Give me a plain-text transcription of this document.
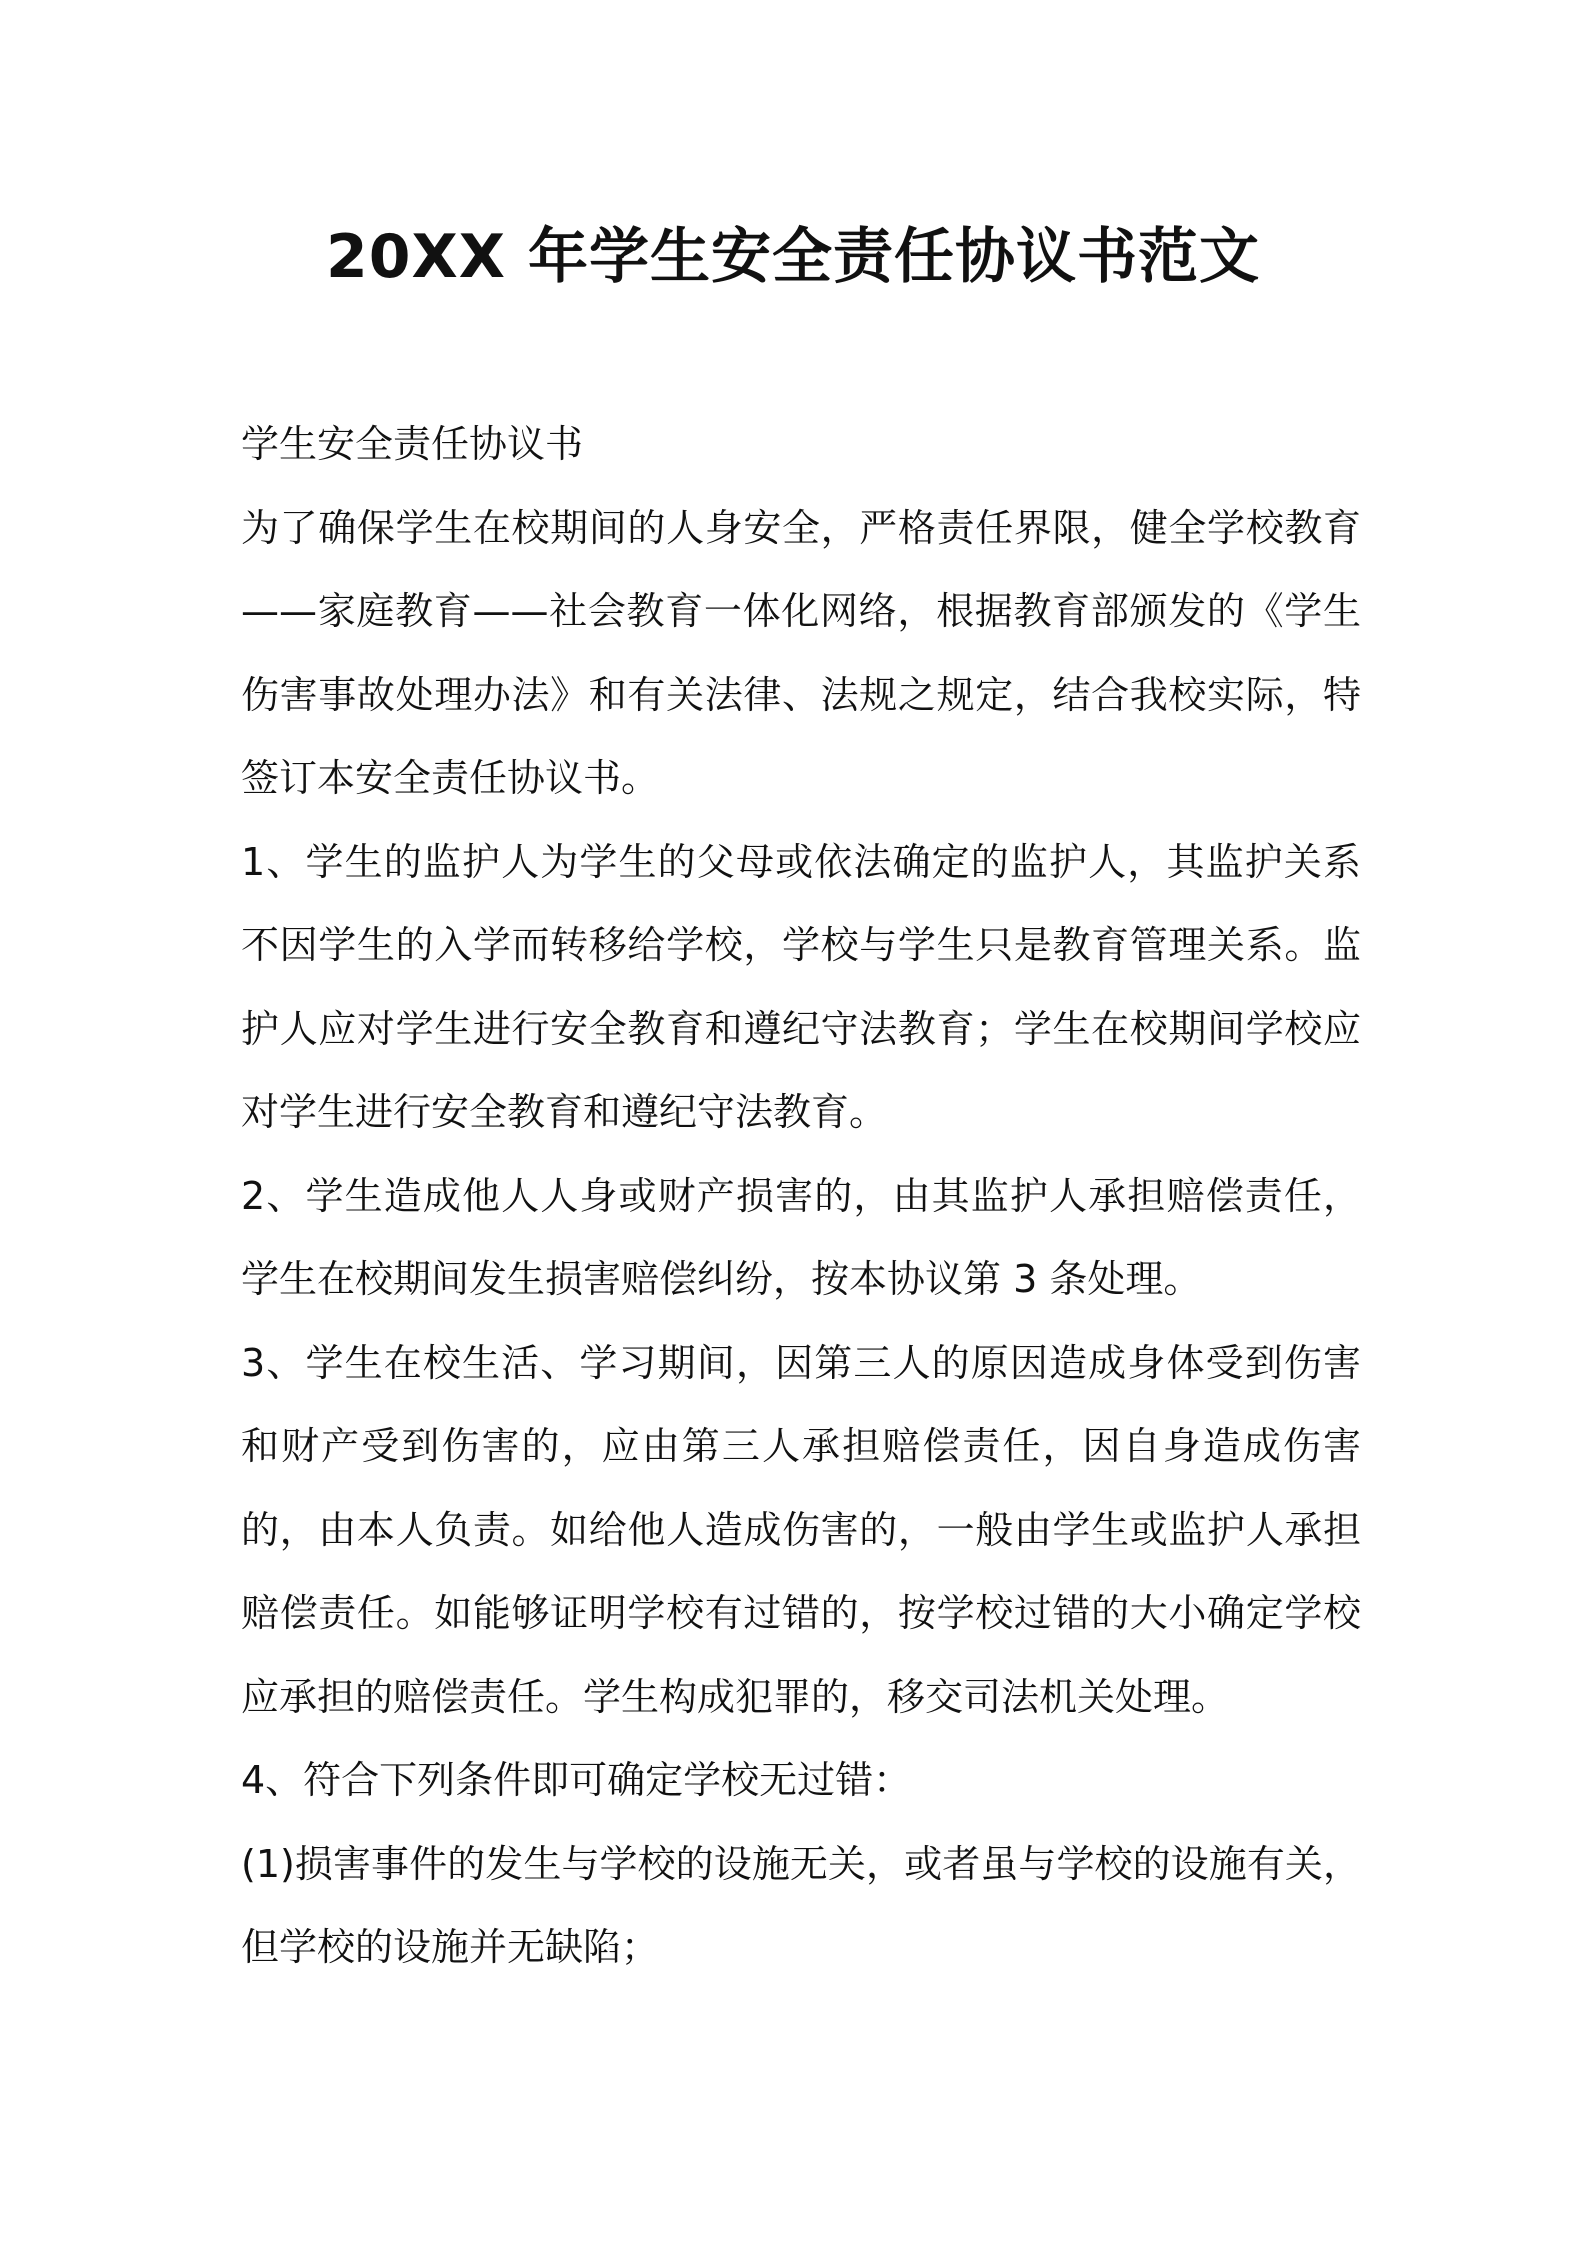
20XX 年学生安全责任协议书范文

学生安全责任协议书

为了确保学生在校期间的人身安全，严格责任界限，健全学校教育——家庭教育——社会教育一体化网络，根据教育部颁发的《学生伤害事故处理办法》和有关法律、法规之规定，结合我校实际，特签订本安全责任协议书。

1、学生的监护人为学生的父母或依法确定的监护人，其监护关系不因学生的入学而转移给学校，学校与学生只是教育管理关系。监护人应对学生进行安全教育和遵纪守法教育；学生在校期间学校应对学生进行安全教育和遵纪守法教育。

2、学生造成他人人身或财产损害的，由其监护人承担赔偿责任，学生在校期间发生损害赔偿纠纷，按本协议第 3 条处理。

3、学生在校生活、学习期间，因第三人的原因造成身体受到伤害和财产受到伤害的，应由第三人承担赔偿责任，因自身造成伤害的，由本人负责。如给他人造成伤害的，一般由学生或监护人承担赔偿责任。如能够证明学校有过错的，按学校过错的大小确定学校应承担的赔偿责任。学生构成犯罪的，移交司法机关处理。

4、符合下列条件即可确定学校无过错：

(1)损害事件的发生与学校的设施无关，或者虽与学校的设施有关，但学校的设施并无缺陷；
